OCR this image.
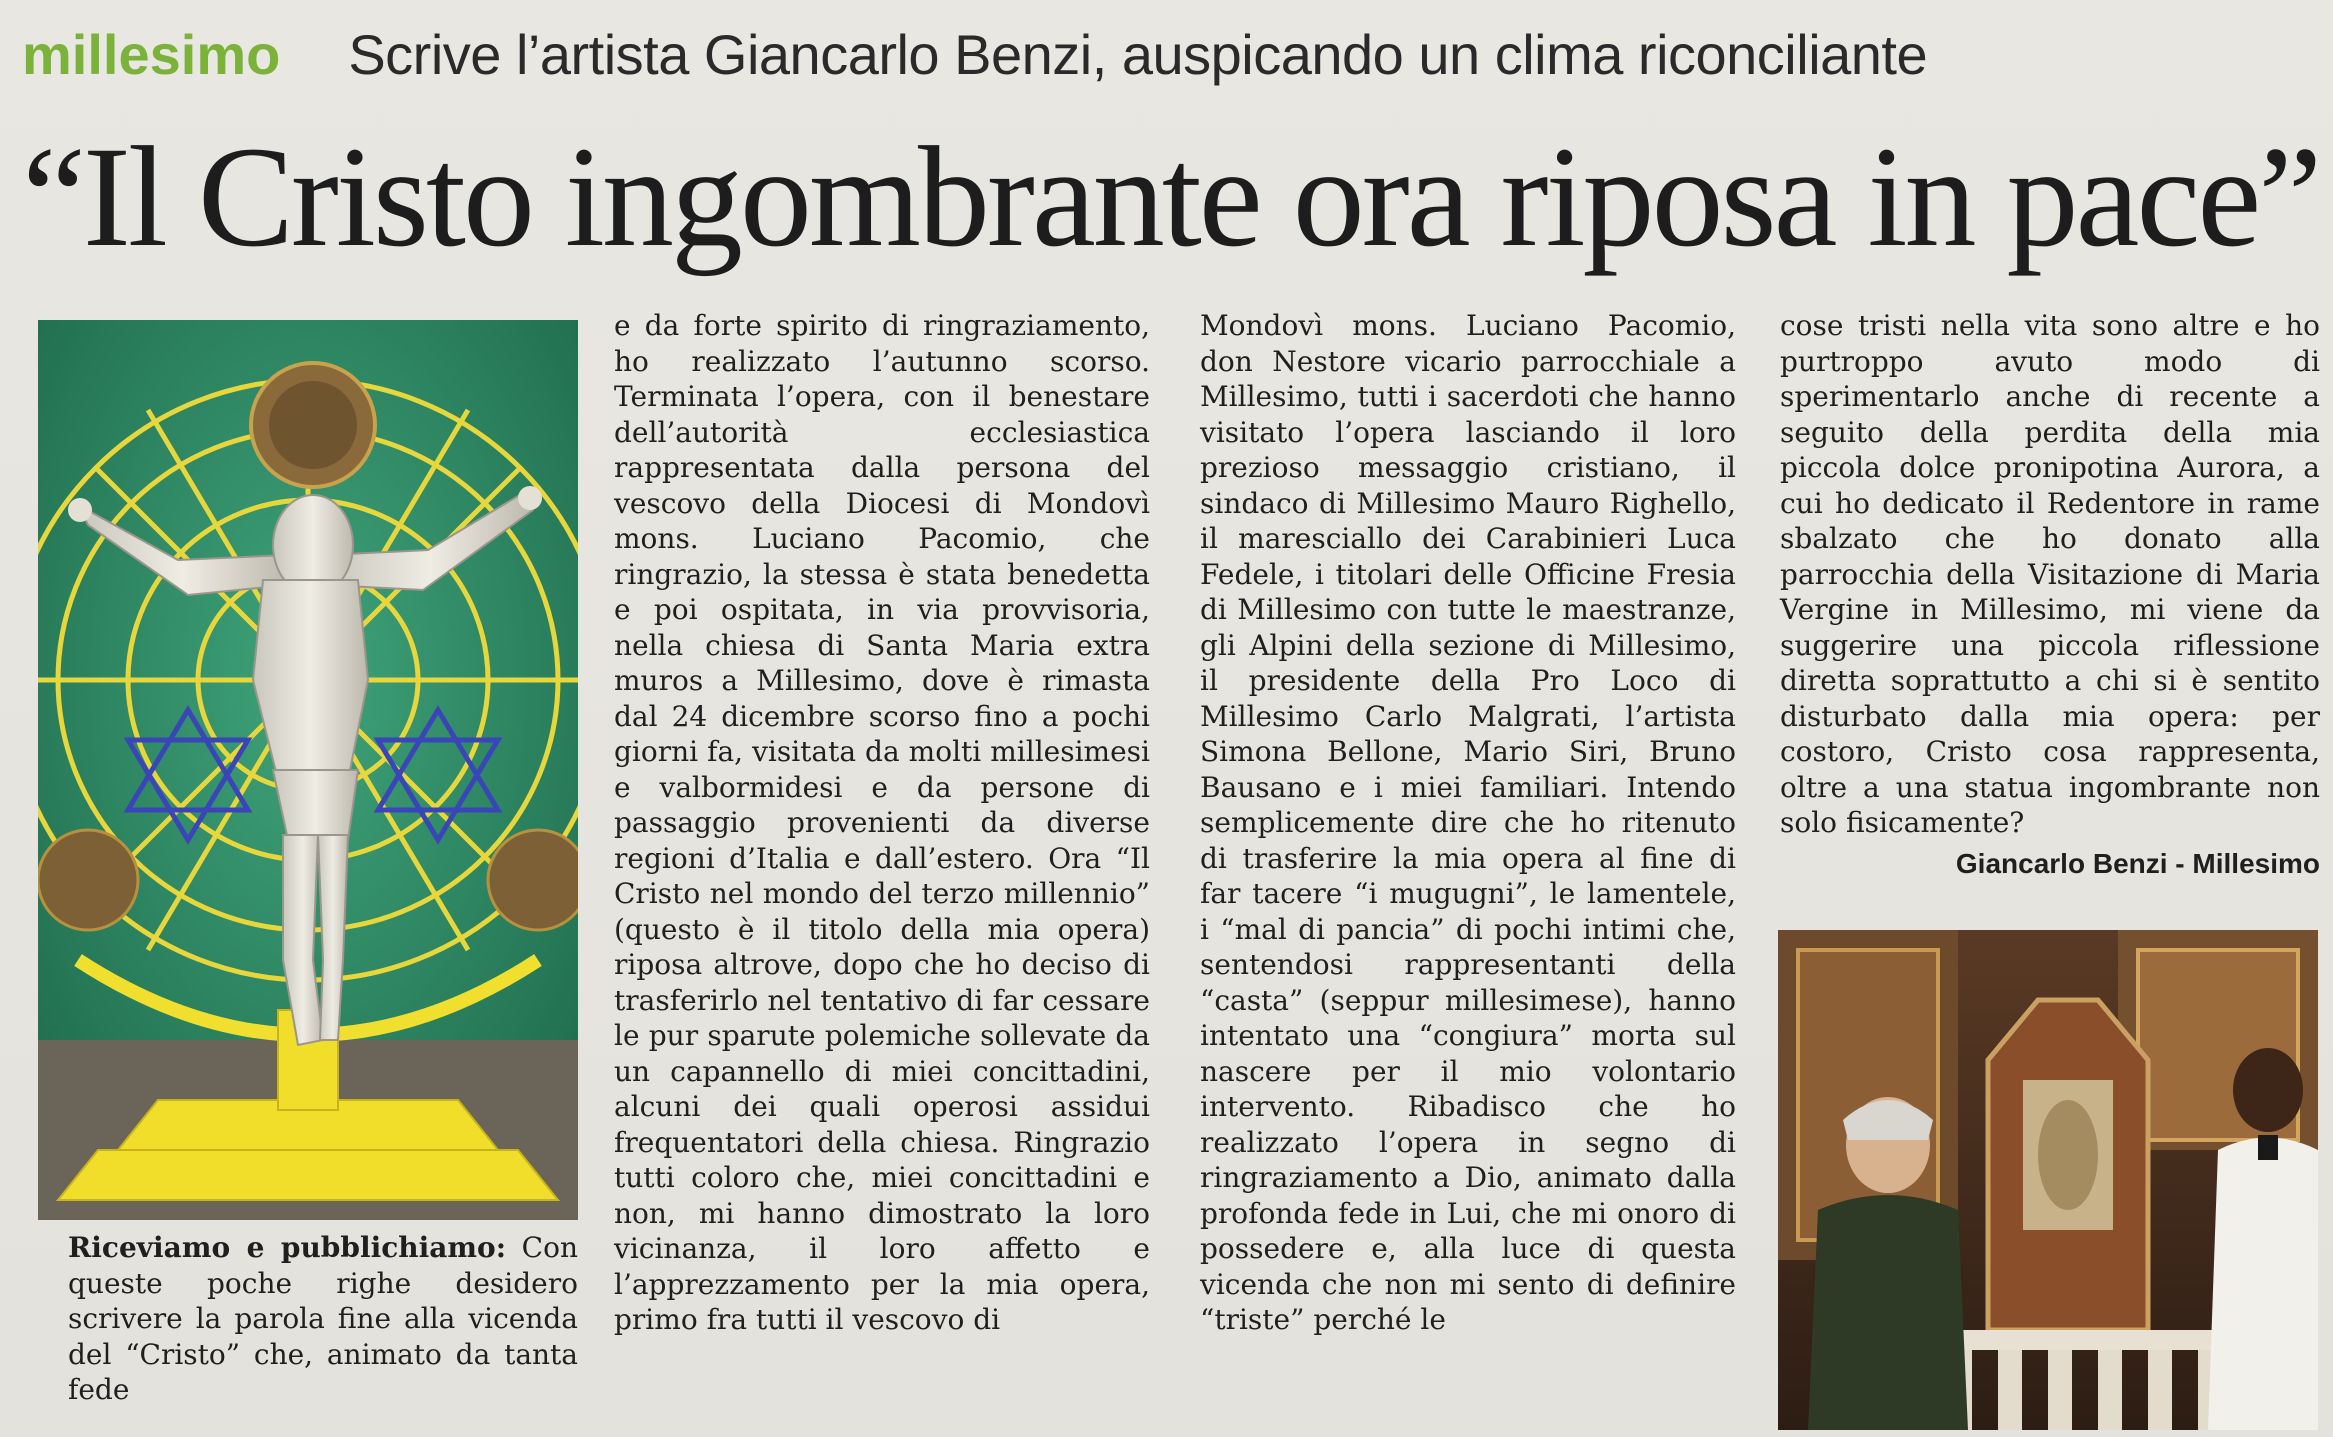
millesimo Scrive l’artista Giancarlo Benzi, auspicando un clima riconciliante
“Il Cristo ingombrante ora riposa in pace”

e da forte spirito di ringraziamento, ho realizzato l’autunno scorso. Terminata l’opera, con il benestare dell’autorità ecclesiastica rappresentata dalla persona del vescovo della Diocesi di Mondovì mons. Luciano Pacomio, che ringrazio, la stessa è stata benedetta e poi ospitata, in via provvisoria, nella chiesa di Santa Maria extra muros a Millesimo, dove è rimasta dal 24 dicembre scorso fino a pochi giorni fa, visitata da molti millesimesi e valbormidesi e da persone di passaggio provenienti da diverse regioni d’Italia e dall’estero. Ora “Il Cristo nel mondo del terzo millennio” (questo è il titolo della mia opera) riposa altrove, dopo che ho deciso di trasferirlo nel tentativo di far cessare le pur sparute polemiche sollevate da un capannello di miei concittadini, alcuni dei quali operosi assidui frequentatori della chiesa. Ringrazio tutti coloro che, miei concittadini e non, mi hanno dimostrato la loro vicinanza, il loro affetto e l’apprezzamento per la mia opera, primo fra tutti il vescovo di

Mondovì mons. Luciano Pacomio, don Nestore vicario parrocchiale a Millesimo, tutti i sacerdoti che hanno visitato l’opera lasciando il loro prezioso messaggio cristiano, il sindaco di Millesimo Mauro Righello, il maresciallo dei Carabinieri Luca Fedele, i titolari delle Officine Fresia di Millesimo con tutte le maestranze, gli Alpini della sezione di Millesimo, il presidente della Pro Loco di Millesimo Carlo Malgrati, l’artista Simona Bellone, Mario Siri, Bruno Bausano e i miei familiari. Intendo semplicemente dire che ho ritenuto di trasferire la mia opera al fine di far tacere “i mugugni”, le lamentele, i “mal di pancia” di pochi intimi che, sentendosi rappresentanti della “casta” (seppur millesimese), hanno intentato una “congiura” morta sul nascere per il mio volontario intervento. Ribadisco che ho realizzato l’opera in segno di ringraziamento a Dio, animato dalla profonda fede in Lui, che mi onoro di possedere e, alla luce di questa vicenda che non mi sento di definire “triste” perché le

cose tristi nella vita sono altre e ho purtroppo avuto modo di sperimentarlo anche di recente a seguito della perdita della mia piccola dolce pronipotina Aurora, a cui ho dedicato il Redentore in rame sbalzato che ho donato alla parrocchia della Visitazione di Maria Vergine in Millesimo, mi viene da suggerire una piccola riflessione diretta soprattutto a chi si è sentito disturbato dalla mia opera: per costoro, Cristo cosa rappresenta, oltre a una statua ingombrante non solo fisicamente?

Giancarlo Benzi - Millesimo

Riceviamo e pubblichiamo: Con queste poche righe desidero scrivere la parola fine alla vicenda del “Cristo” che, animato da tanta fede
